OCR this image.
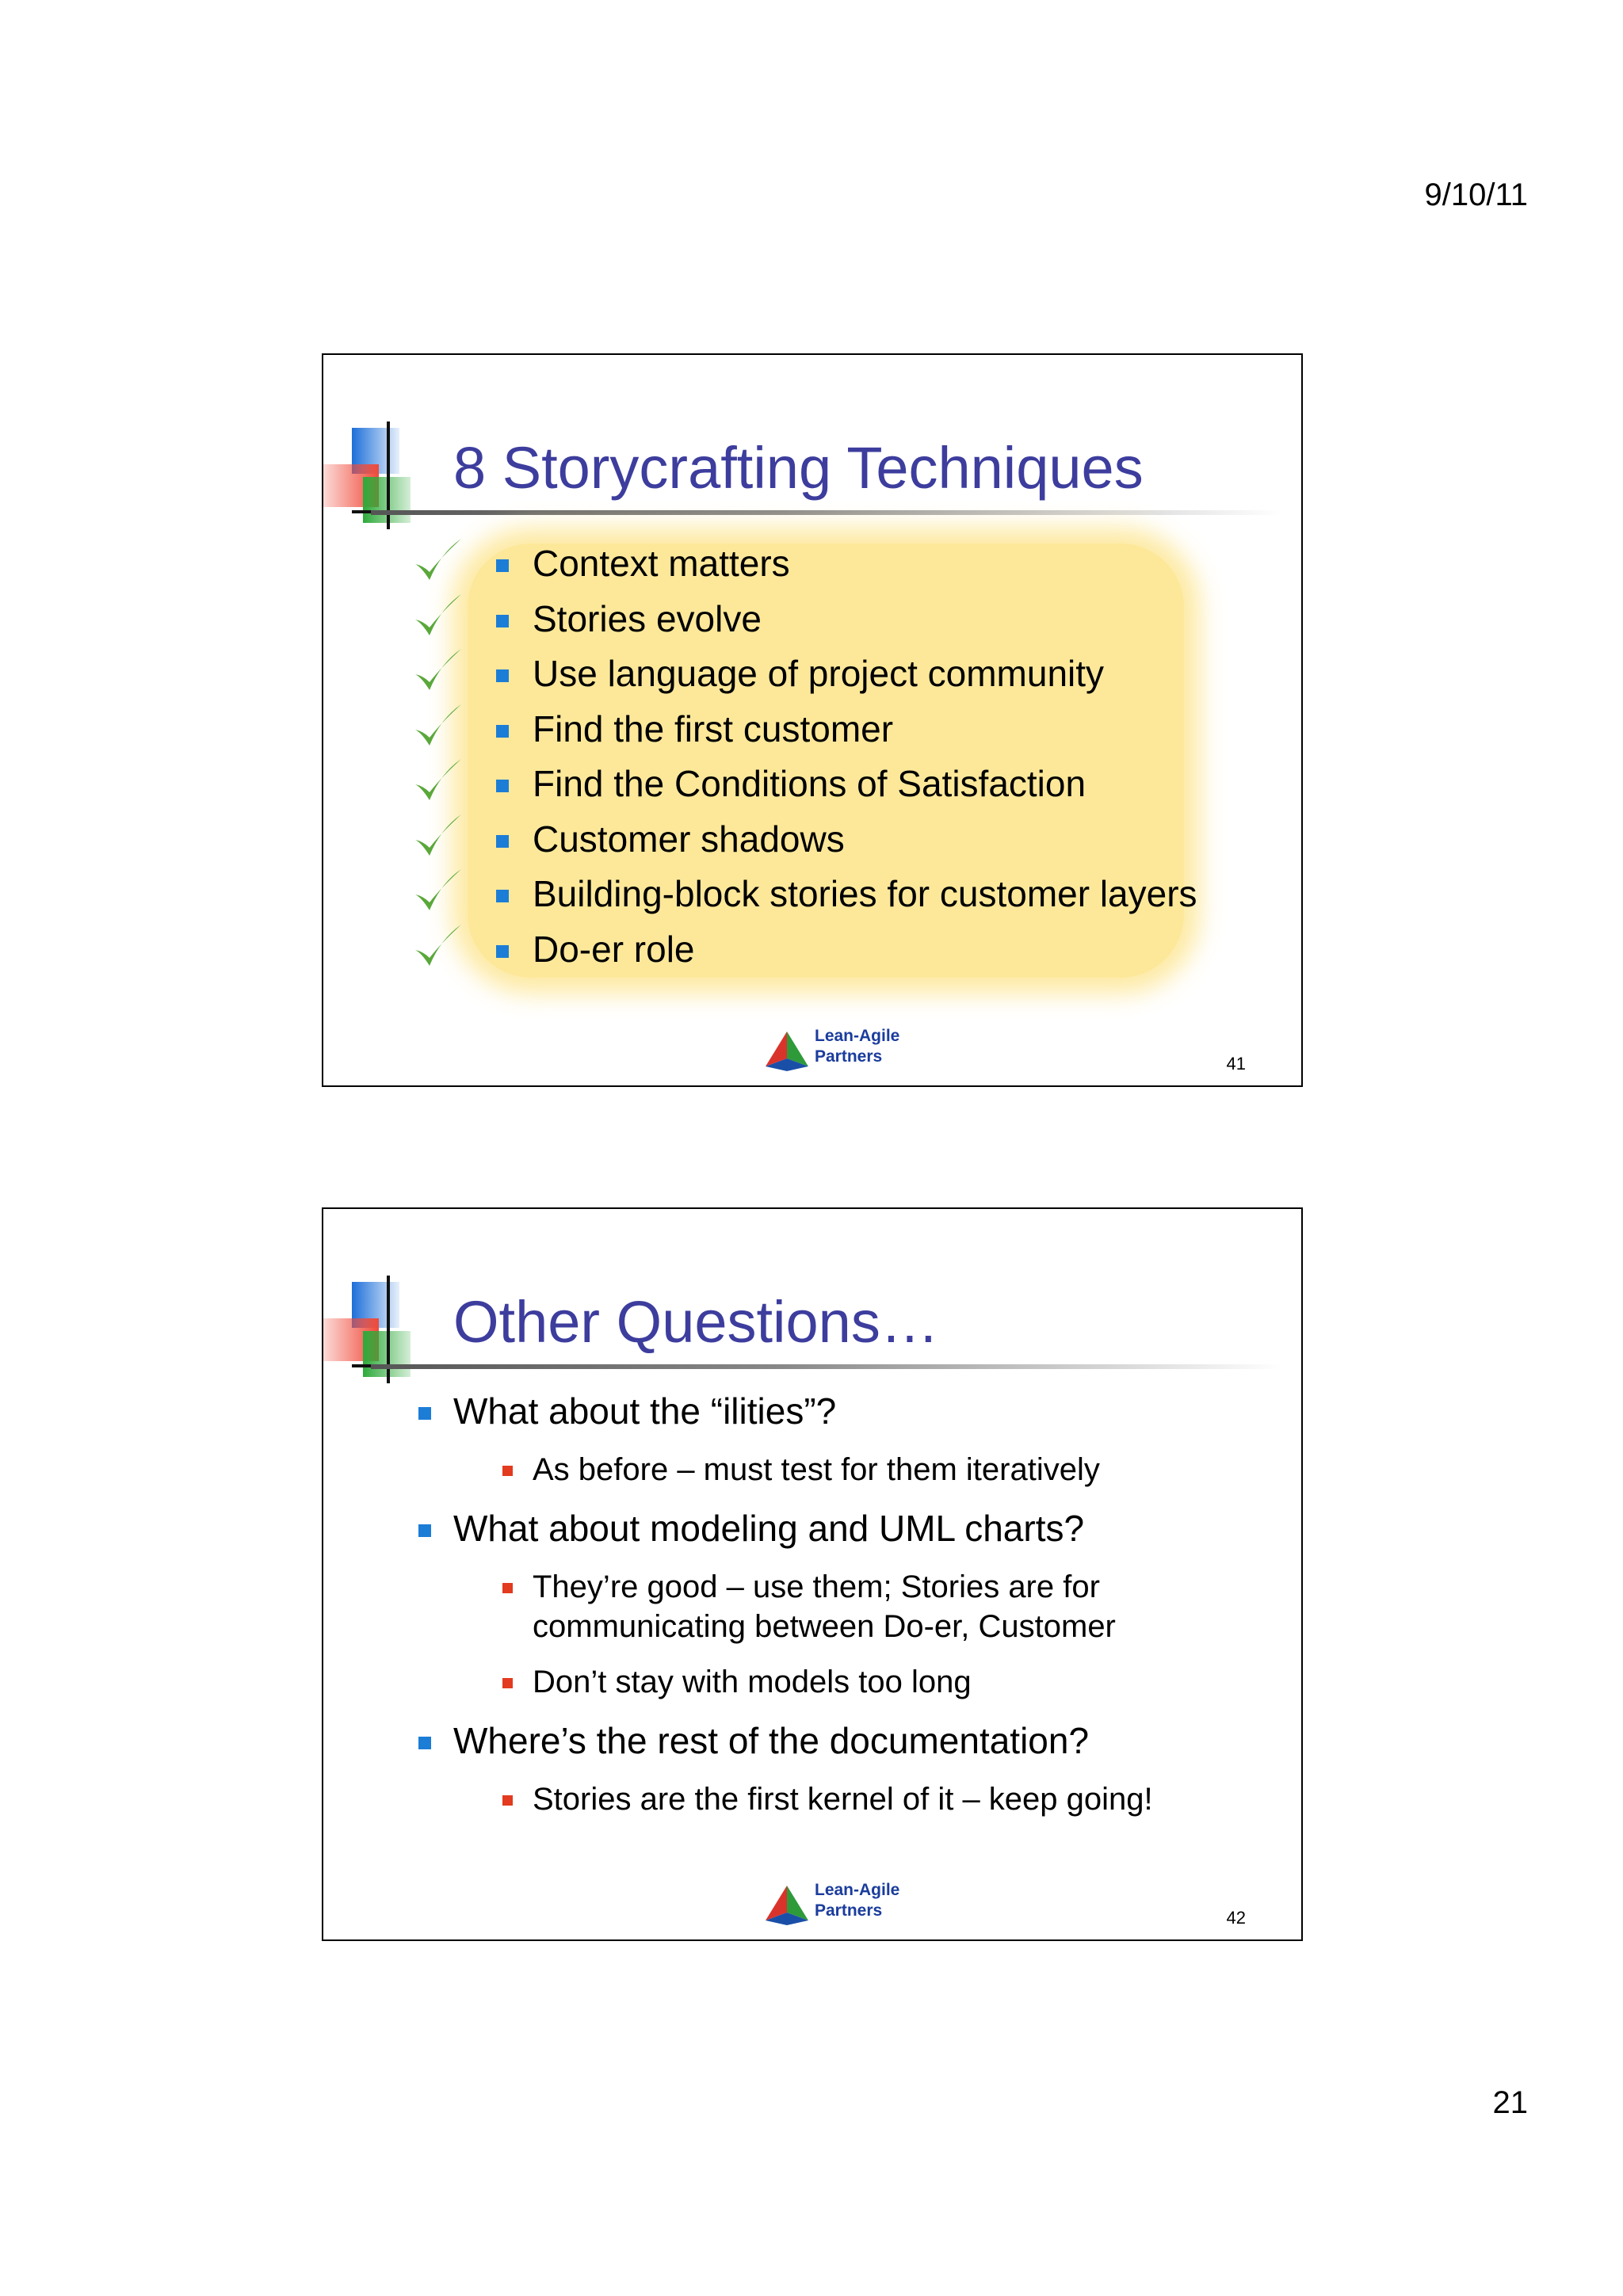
9/10/11
8 Storycrafting Techniques
Context matters
Stories evolve
Use language of project community
Find the first customer
Find the Conditions of Satisfaction
Customer shadows
Building-block stories for customer layers
Do-er role
Lean-Agile
Partners	41
Other Questions…
What about the “ilities”?
As before – must test for them iteratively
What about modeling and UML charts?
They’re good – use them; Stories are for communicating between Do-er, Customer
Don’t stay with models too long
Where’s the rest of the documentation?
Stories are the first kernel of it – keep going!
Lean-Agile
Partners	42
21
